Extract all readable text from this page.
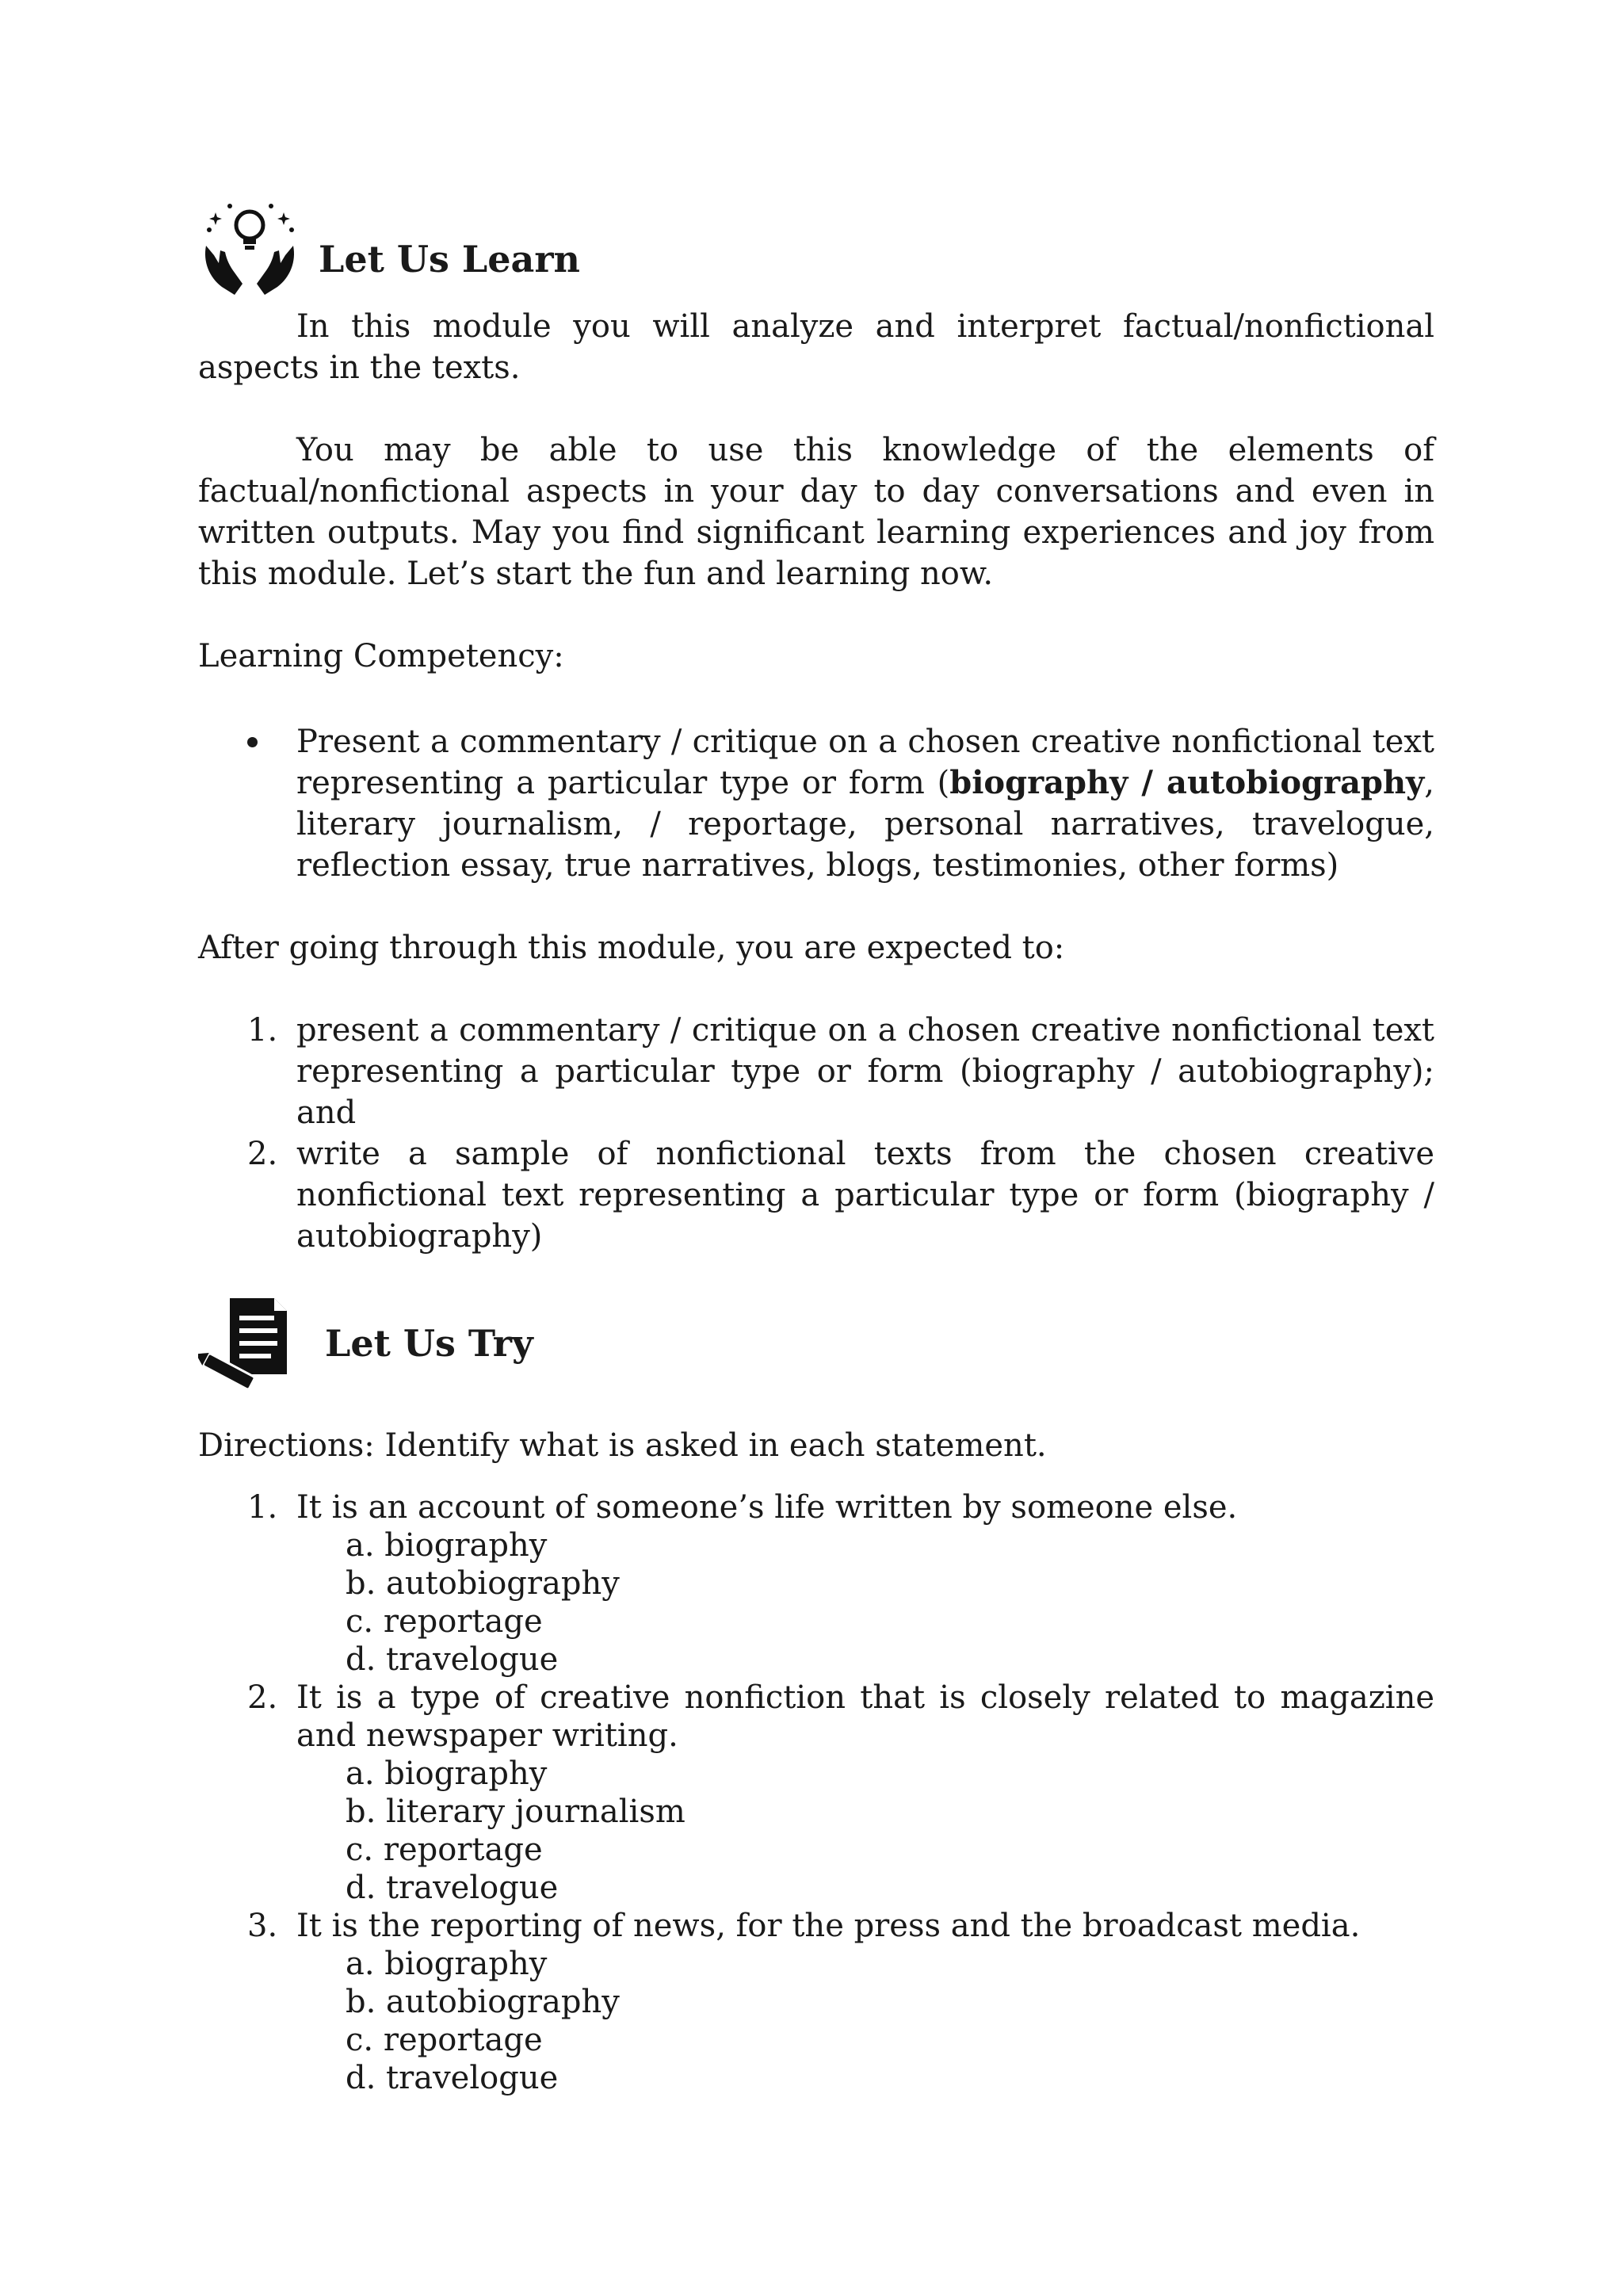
Let Us Learn

In this module you will analyze and interpret factual/nonfictional aspects in the texts.

You may be able to use this knowledge of the elements of factual/nonfictional aspects in your day to day conversations and even in written outputs. May you find significant learning experiences and joy from this module. Let’s start the fun and learning now.

Learning Competency:

Present a commentary / critique on a chosen creative nonfictional text representing a particular type or form (biography / autobiography, literary journalism, / reportage, personal narratives, travelogue, reflection essay, true narratives, blogs, testimonies, other forms)

After going through this module, you are expected to:

1. present a commentary / critique on a chosen creative nonfictional text representing a particular type or form (biography / autobiography); and
2. write a sample of nonfictional texts from the chosen creative nonfictional text representing a particular type or form (biography / autobiography)
Let Us Try

Directions: Identify what is asked in each statement.

1. It is an account of someone’s life written by someone else.
a. biography
b. autobiography
c. reportage
d. travelogue
2. It is a type of creative nonfiction that is closely related to magazine and newspaper writing.
a. biography
b. literary journalism
c. reportage
d. travelogue
3. It is the reporting of news, for the press and the broadcast media.
a. biography
b. autobiography
c. reportage
d. travelogue
